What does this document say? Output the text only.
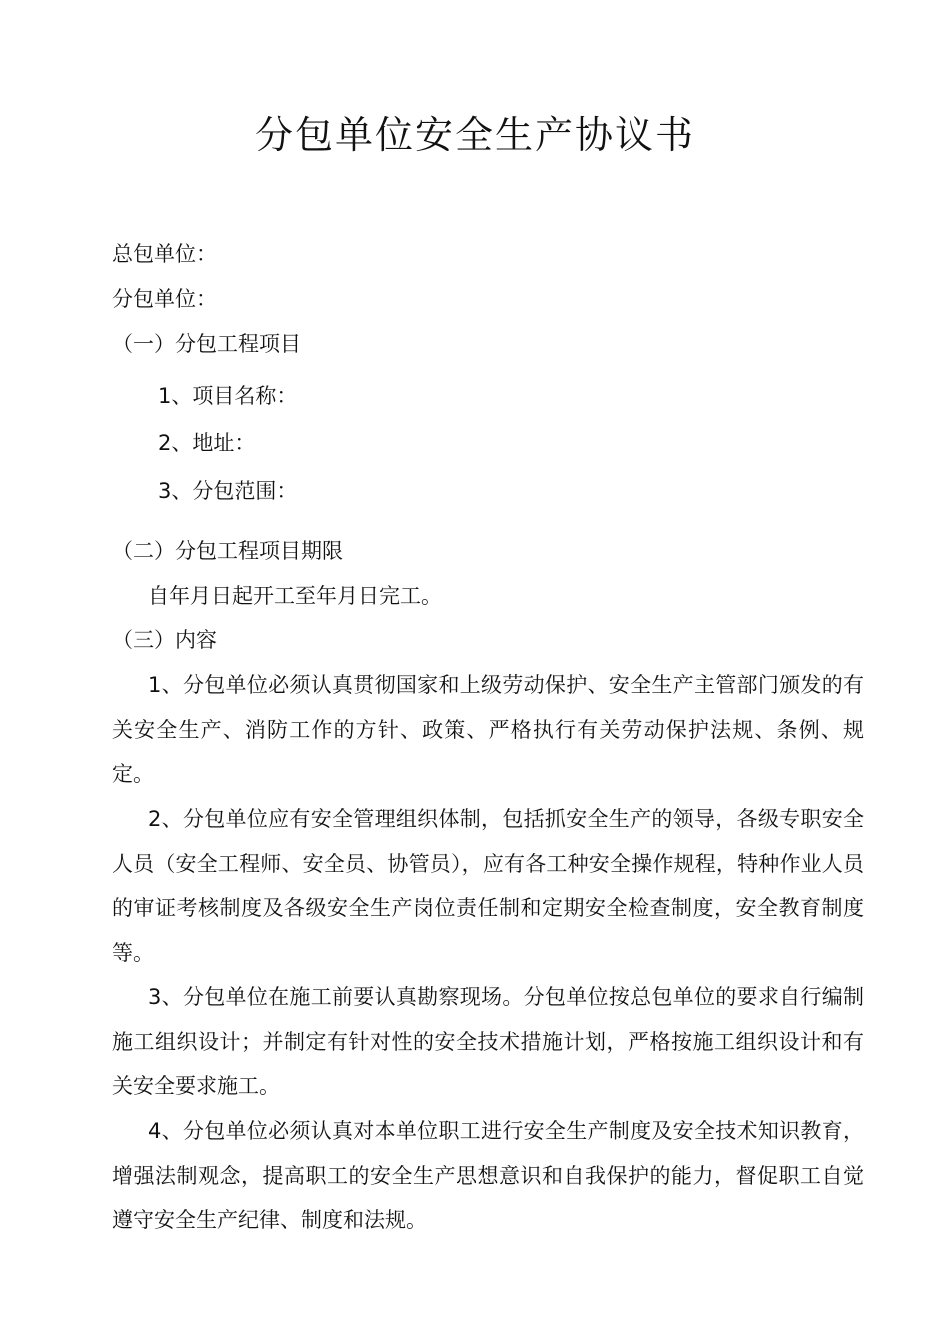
分包单位安全生产协议书
总包单位：
分包单位：
（一）分包工程项目
1、项目名称：
2、地址：
3、分包范围：
（二）分包工程项目期限
自年月日起开工至年月日完工。
（三）内容

1、分包单位必须认真贯彻国家和上级劳动保护、安全生产主管部门颁发的有关安全生产、消防工作的方针、政策、严格执行有关劳动保护法规、条例、规定。

2、分包单位应有安全管理组织体制，包括抓安全生产的领导，各级专职安全人员（安全工程师、安全员、协管员），应有各工种安全操作规程，特种作业人员的审证考核制度及各级安全生产岗位责任制和定期安全检查制度，安全教育制度等。

3、分包单位在施工前要认真勘察现场。分包单位按总包单位的要求自行编制施工组织设计；并制定有针对性的安全技术措施计划，严格按施工组织设计和有关安全要求施工。

4、分包单位必须认真对本单位职工进行安全生产制度及安全技术知识教育，增强法制观念，提高职工的安全生产思想意识和自我保护的能力，督促职工自觉遵守安全生产纪律、制度和法规。
